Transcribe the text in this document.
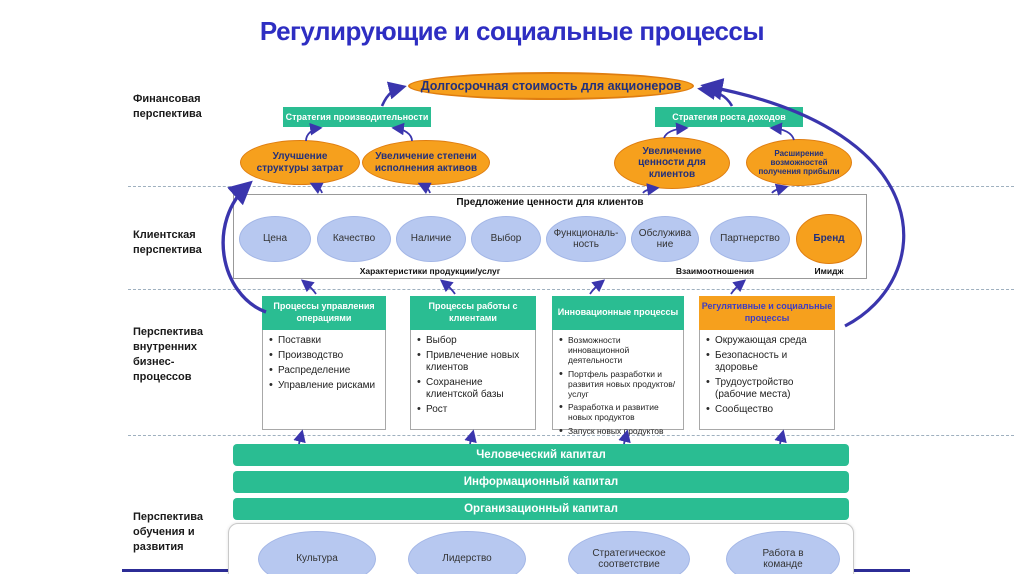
Регулирующие и социальные процессы
Финансовая перспектива
Клиентская перспектива
Перспектива внутренних бизнес-процессов
Перспектива обучения и развития
Долгосрочная стоимость для акционеров
Стратегия производительности	Стратегия роста доходов
Улучшение структуры затрат
Увеличение степени исполнения активов
Увеличение ценности для клиентов
Расширение возможностей получения прибыли
Предложение ценности для клиентов
Цена	Качество	Наличие	Выбор
Функциональ-ность
Обслужива ние
Партнерство	Бренд
Характеристики продукции/услуг	Взаимоотношения	Имидж
Процессы управления операциями
• Поставки
• Производство
• Распределение
• Управление рисками
Процессы работы с клиентами
• Выбор
• Привлечение новых клиентов
• Сохранение клиентской базы
• Рост
Инновационные процессы
• Возможности инновационной деятельности
• Портфель разработки и развития новых продуктов/услуг
• Разработка и развитие новых продуктов
• Запуск новых продуктов
Регулятивные и социальные процессы
• Окружающая среда
• Безопасность и здоровье
• Трудоустройство (рабочие места)
• Сообщество
Человеческий капитал
Информационный капитал
Организационный капитал
Культура	Лидерство
Стратегическое соответствие
Работа в команде
